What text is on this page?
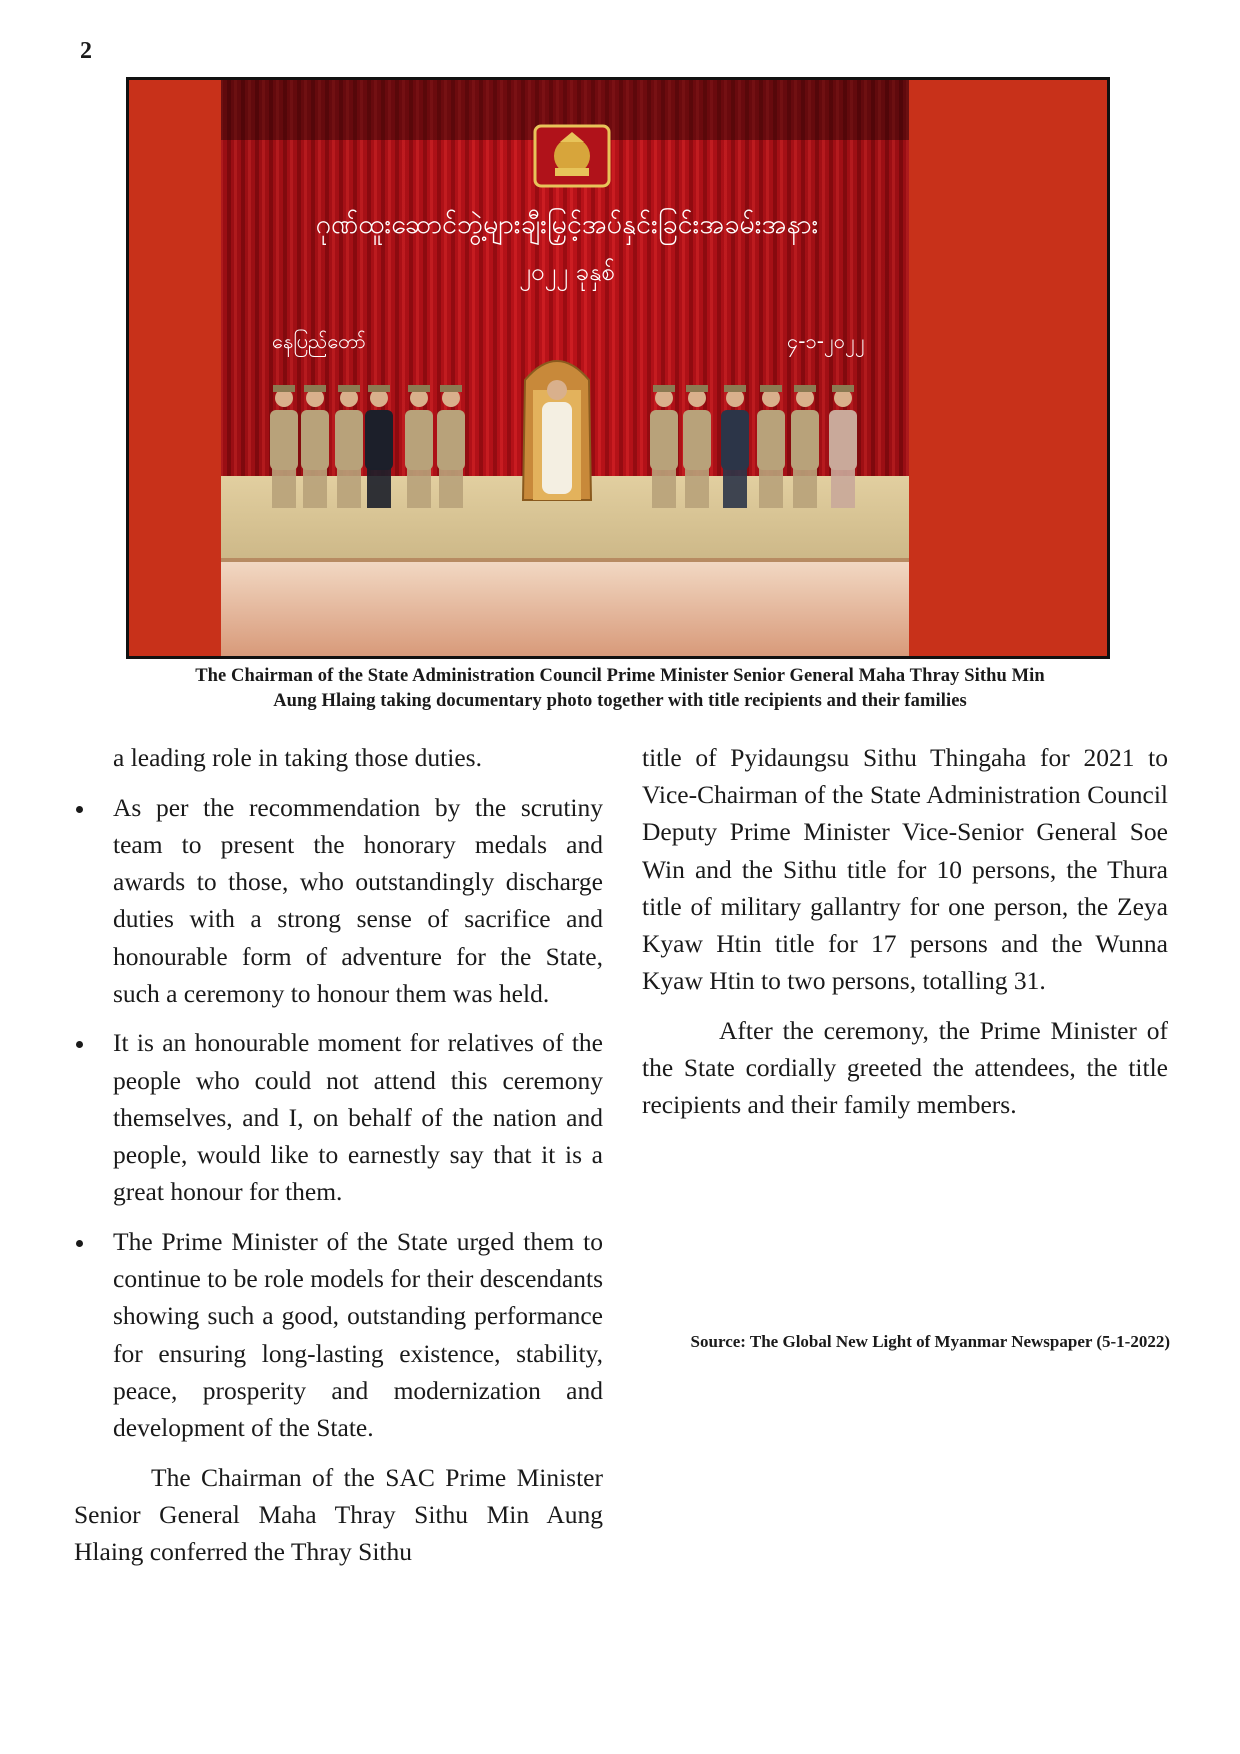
2
ဂုဏ်ထူးဆောင်ဘွဲ့များချီးမြှင့်အပ်နှင်းခြင်းအခမ်းအနား
၂၀၂၂ ခုနှစ်
နေပြည်တော်	၄-၁-၂၀၂၂
The Chairman of the State Administration Council Prime Minister Senior General Maha Thray Sithu Min
Aung Hlaing taking documentary photo together with title recipients and their families
a leading role in taking those duties.
As per the recommendation by the scrutiny team to present the honorary medals and awards to those, who outstandingly discharge duties with a strong sense of sacrifice and honourable form of adventure for the State, such a ceremony to honour them was held.
It is an honourable moment for relatives of the people who could not attend this ceremony themselves, and I, on behalf of the nation and people, would like to earnestly say that it is a great honour for them.
The Prime Minister of the State urged them to continue to be role models for their descendants showing such a good, outstanding performance for ensuring long-lasting existence, stability, peace, prosperity and modernization and development of the State.
The Chairman of the SAC Prime Minister Senior General Maha Thray Sithu Min Aung Hlaing conferred the Thray Sithu
title of Pyidaungsu Sithu Thingaha for 2021 to Vice-Chairman of the State Administration Council Deputy Prime Minister Vice-Senior General Soe Win and the Sithu title for 10 persons, the Thura title of military gallantry for one person, the Zeya Kyaw Htin title for 17 persons and the Wunna Kyaw Htin to two persons, totalling 31.
After the ceremony, the Prime Minister of the State cordially greeted the attendees, the title recipients and their family members.
Source: The Global New Light of Myanmar Newspaper (5-1-2022)
